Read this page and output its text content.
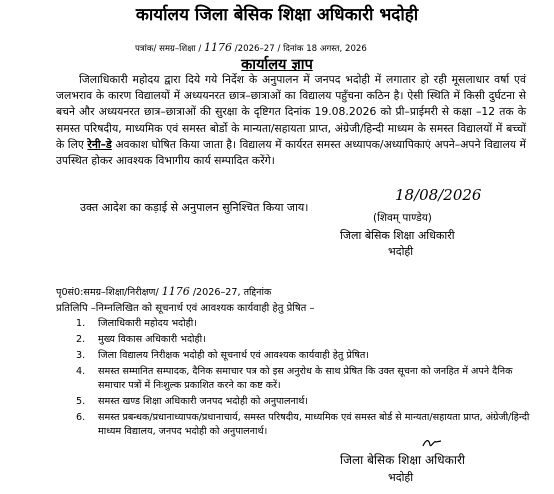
कार्यालय जिला बेसिक शिक्षा अधिकारी भदोही
पत्रांक/ समग्र–शिक्षा / 1176 /2026–27 / दिनांक 18 अगस्त, 2026
कार्यालय ज्ञाप
जिलाधिकारी महोदय द्वारा दिये गये निर्देश के अनुपालन में जनपद भदोही में लगातार हो रही मूसलाधार वर्षा एवं जलभराव के कारण विद्यालयों में अध्ययनरत छात्र–छात्राओं का विद्यालय पहुँचना कठिन है। ऐसी स्थिति में किसी दुर्घटना से बचने और अध्ययनरत छात्र–छात्राओं की सुरक्षा के दृष्टिगत दिनांक 19.08.2026 को प्री–प्राईमरी से कक्षा –12 तक के समस्त परिषदीय, माध्यमिक एवं समस्त बोर्डो के मान्यता/सहायता प्राप्त, अंग्रेजी/हिन्दी माध्यम के समस्त विद्यालयों में बच्चों के लिए रेनी–डे अवकाश घोषित किया जाता है। विद्यालय में कार्यरत समस्त अध्यापक/अध्यापिकाएं अपने–अपने विद्यालय में उपस्थित होकर आवश्यक विभागीय कार्य सम्पादित करेंगे।
उक्त आदेश का कड़ाई से अनुपालन सुनिश्चित किया जाय।
18/08/2026
(शिवम् पाण्डेय)
जिला बेसिक शिक्षा अधिकारी
भदोही
पृ0सं0:समग्र–शिक्षा/निरीक्षण/ 1176 /2026–27, तद्दिनांक
प्रतिलिपि –निम्नलिखित को सूचनार्थ एवं आवश्यक कार्यवाही हेतु प्रेषित –
1. जिलाधिकारी महोदय भदोही।
2. मुख्य विकास अधिकारी भदोही।
3. जिला विद्यालय निरीक्षक भदोही को सूचनार्थ एवं आवश्यक कार्यवाही हेतु प्रेषित।
4. समस्त सम्मानित सम्पादक, दैनिक समाचार पत्र को इस अनुरोध के साथ प्रेषित कि उक्त सूचना को जनहित में अपने दैनिक समाचार पत्रों में निःशुल्क प्रकाशित करने का कष्ट करें।
5. समस्त खण्ड शिक्षा अधिकारी जनपद भदोही को अनुपालनार्थ।
6. समस्त प्रबन्धक/प्रधानाध्यापक/प्रधानाचार्य, समस्त परिषदीय, माध्यमिक एवं समस्त बोर्ड से मान्यता/सहायता प्राप्त, अंग्रेजी/हिन्दी माध्यम विद्यालय, जनपद भदोही को अनुपालनार्थ।
जिला बेसिक शिक्षा अधिकारी
भदोही
